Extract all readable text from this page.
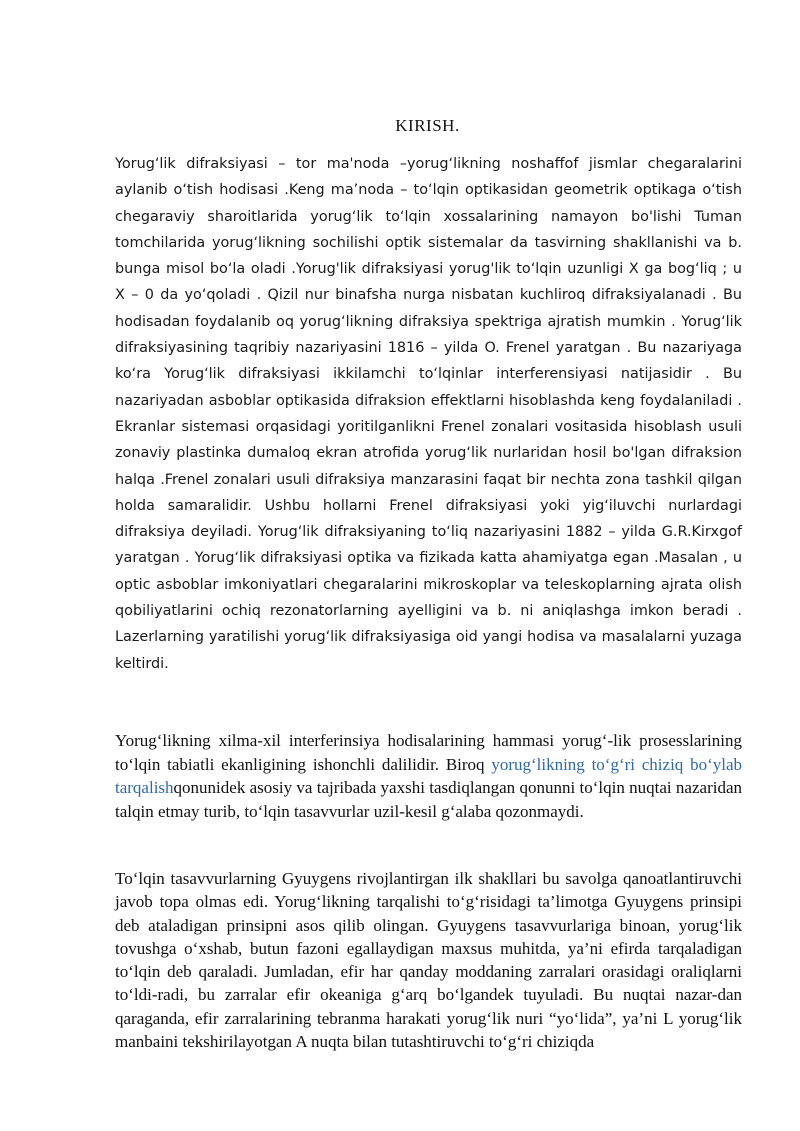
KIRISH.

Yorug‘lik difraksiyasi – tor ma'noda –yorug‘likning noshaffof jismlar chegaralarini aylanib o‘tish hodisasi .Keng ma’noda – to‘lqin optikasidan geometrik optikaga o‘tish chegaraviy sharoitlarida yorug‘lik to‘lqin xossalarining namayon bo'lishi Tuman tomchilarida yorug‘likning sochilishi optik sistemalar da tasvirning shakllanishi va b. bunga misol bo‘la oladi .Yorug'lik difraksiyasi yorug'lik to‘lqin uzunligi X ga bog‘liq ; u X – 0 da yo‘qoladi . Qizil nur binafsha nurga nisbatan kuchliroq difraksiyalanadi . Bu hodisadan foydalanib oq yorug‘likning difraksiya spektriga ajratish mumkin . Yorug‘lik difraksiyasining taqribiy nazariyasini 1816 – yilda O. Frenel yaratgan . Bu nazariyaga ko‘ra Yorug‘lik difraksiyasi ikkilamchi to‘lqinlar interferensiyasi natijasidir . Bu nazariyadan asboblar optikasida difraksion effektlarni hisoblashda keng foydalaniladi . Ekranlar sistemasi orqasidagi yoritilganlikni Frenel zonalari vositasida hisoblash usuli zonaviy plastinka dumaloq ekran atrofida yorug‘lik nurlaridan hosil bo'lgan difraksion halqa .Frenel zonalari usuli difraksiya manzarasini faqat bir nechta zona tashkil qilgan holda samaralidir. Ushbu hollarni Frenel difraksiyasi yoki yig‘iluvchi nurlardagi difraksiya deyiladi. Yorug‘lik difraksiyaning to‘liq nazariyasini 1882 – yilda G.R.Kirxgof yaratgan . Yorug‘lik difraksiyasi optika va fizikada katta ahamiyatga egan .Masalan , u optic asboblar imkoniyatlari chegaralarini mikroskoplar va teleskoplarning ajrata olish qobiliyatlarini ochiq rezonatorlarning ayelligini va b. ni aniqlashga imkon beradi . Lazerlarning yaratilishi yorug‘lik difraksiyasiga oid yangi hodisa va masalalarni yuzaga keltirdi.

Yorug‘likning xilma-xil interferinsiya hodisalarining hammasi yorug‘-lik prosesslarining to‘lqin tabiatli ekanligining ishonchli dalilidir. Biroq yorug‘likning to‘g‘ri chiziq bo‘ylab tarqalishqonunidek asosiy va tajribada yaxshi tasdiqlangan qonunni to‘lqin nuqtai nazaridan talqin etmay turib, to‘lqin tasavvurlar uzil-kesil g‘alaba qozonmaydi.

To‘lqin tasavvurlarning Gyuygens rivojlantirgan ilk shakllari bu savolga qanoatlantiruvchi javob topa olmas edi. Yorug‘likning tarqalishi to‘g‘risidagi ta’limotga Gyuygens prinsipi deb ataladigan prinsipni asos qilib olingan. Gyuygens tasavvurlariga binoan, yorug‘lik tovushga o‘xshab, butun fazoni egallaydigan maxsus muhitda, ya’ni efirda tarqaladigan to‘lqin deb qaraladi. Jumladan, efir har qanday moddaning zarralari orasidagi oraliqlarni to‘ldi-radi, bu zarralar efir okeaniga g‘arq bo‘lgandek tuyuladi. Bu nuqtai nazar-dan qaraganda, efir zarralarining tebranma harakati yorug‘lik nuri “yo‘lida”, ya’ni L yorug‘lik manbaini tekshirilayotgan A nuqta bilan tutashtiruvchi to‘g‘ri chiziqda
